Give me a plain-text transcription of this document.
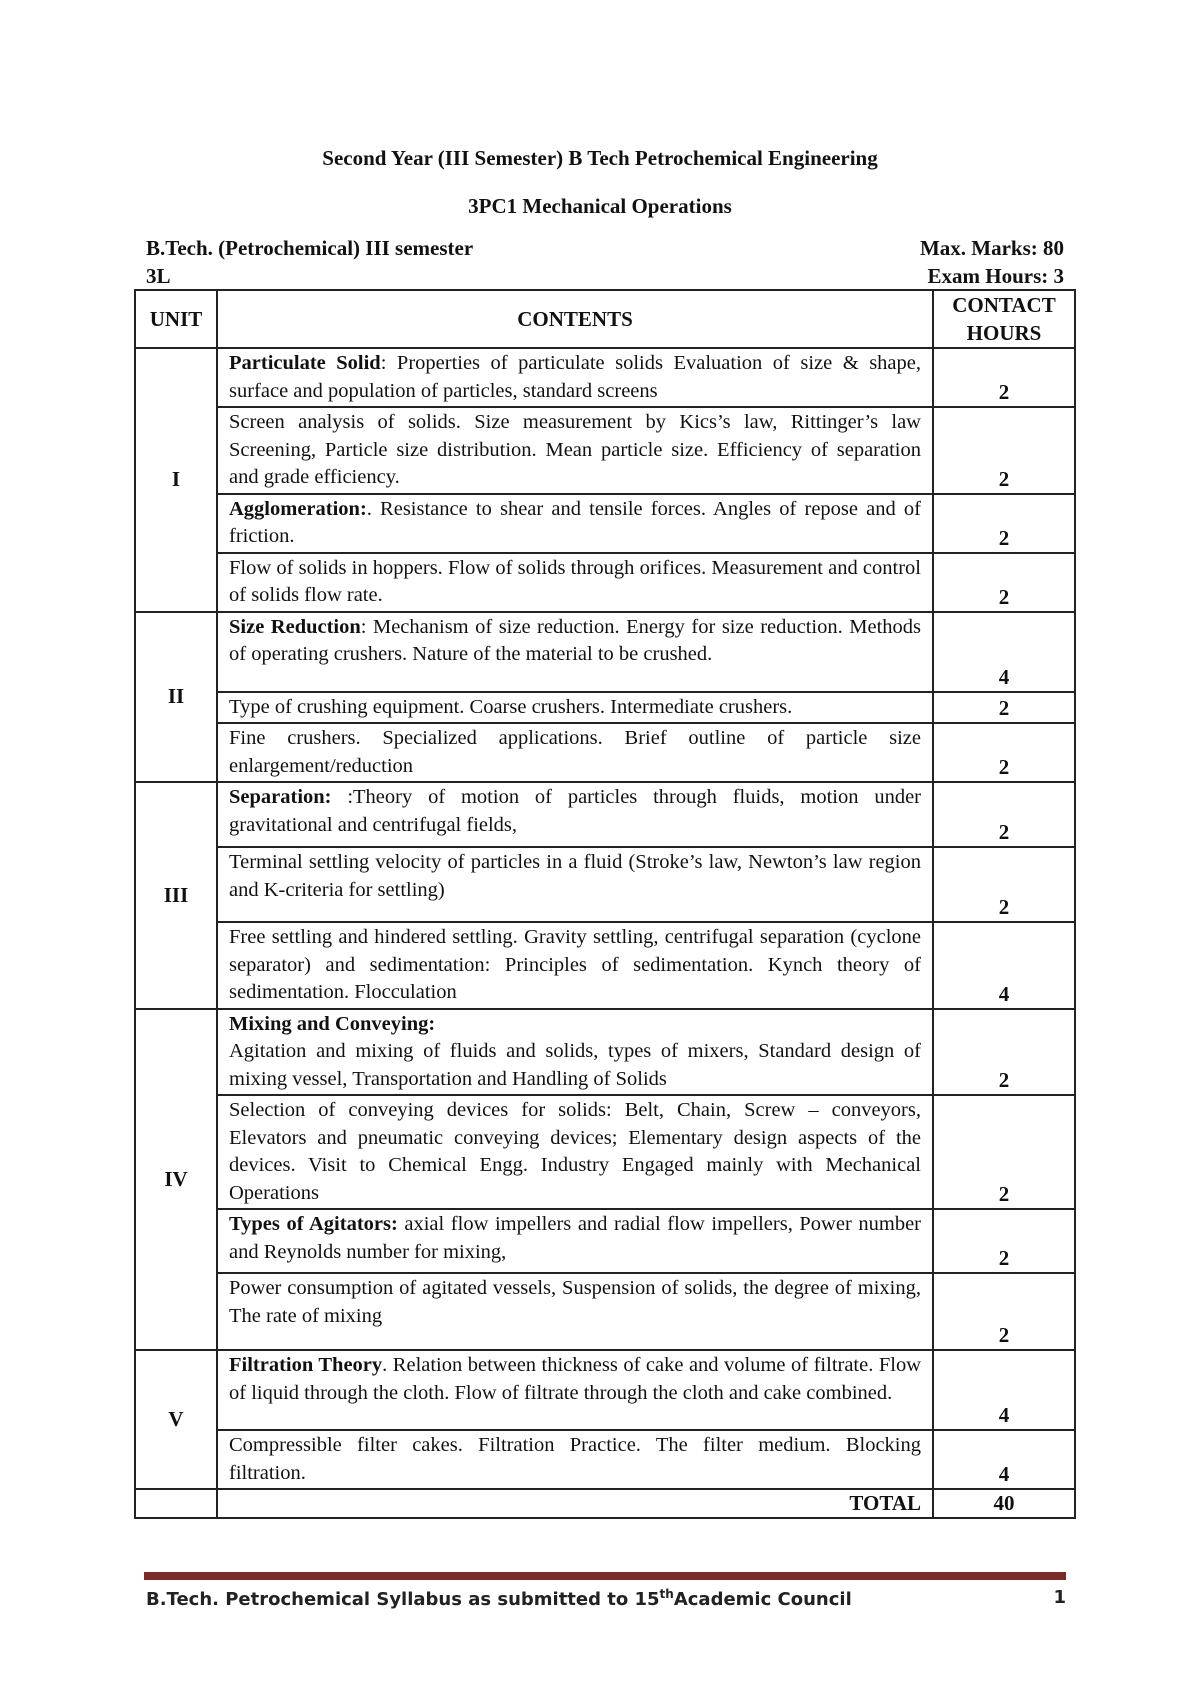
Second Year (III Semester) B Tech Petrochemical Engineering
3PC1 Mechanical Operations
B.Tech. (Petrochemical) III semester	Max. Marks: 80
3L	Exam Hours: 3
UNIT	CONTENTS	CONTACT HOURS
I	Particulate Solid: Properties of particulate solids Evaluation of size & shape, surface and population of particles, standard screens	2
	Screen analysis of solids. Size measurement by Kics’s law, Rittinger’s law Screening, Particle size distribution. Mean particle size. Efficiency of separation and grade efficiency.	2
	Agglomeration:. Resistance to shear and tensile forces. Angles of repose and of friction.	2
	Flow of solids in hoppers. Flow of solids through orifices. Measurement and control of solids flow rate.	2
II	Size Reduction: Mechanism of size reduction. Energy for size reduction. Methods of operating crushers. Nature of the material to be crushed.	4
	Type of crushing equipment. Coarse crushers. Intermediate crushers.	2
	Fine crushers. Specialized applications. Brief outline of particle size enlargement/reduction	2
III	Separation: :Theory of motion of particles through fluids, motion under gravitational and centrifugal fields,	2
	Terminal settling velocity of particles in a fluid (Stroke’s law, Newton’s law region and K-criteria for settling)	2
	Free settling and hindered settling. Gravity settling, centrifugal separation (cyclone separator) and sedimentation: Principles of sedimentation. Kynch theory of sedimentation. Flocculation	4
IV	Mixing and Conveying:
Agitation and mixing of fluids and solids, types of mixers, Standard design of mixing vessel, Transportation and Handling of Solids	2
	Selection of conveying devices for solids: Belt, Chain, Screw – conveyors, Elevators and pneumatic conveying devices; Elementary design aspects of the devices. Visit to Chemical Engg. Industry Engaged mainly with Mechanical Operations	2
	Types of Agitators: axial flow impellers and radial flow impellers, Power number and Reynolds number for mixing,	2
	Power consumption of agitated vessels, Suspension of solids, the degree of mixing, The rate of mixing	2
V	Filtration Theory. Relation between thickness of cake and volume of filtrate. Flow of liquid through the cloth. Flow of filtrate through the cloth and cake combined.	4
	Compressible filter cakes. Filtration Practice. The filter medium. Blocking filtration.	4
	TOTAL	40
B.Tech. Petrochemical Syllabus as submitted to 15thAcademic Council	1
